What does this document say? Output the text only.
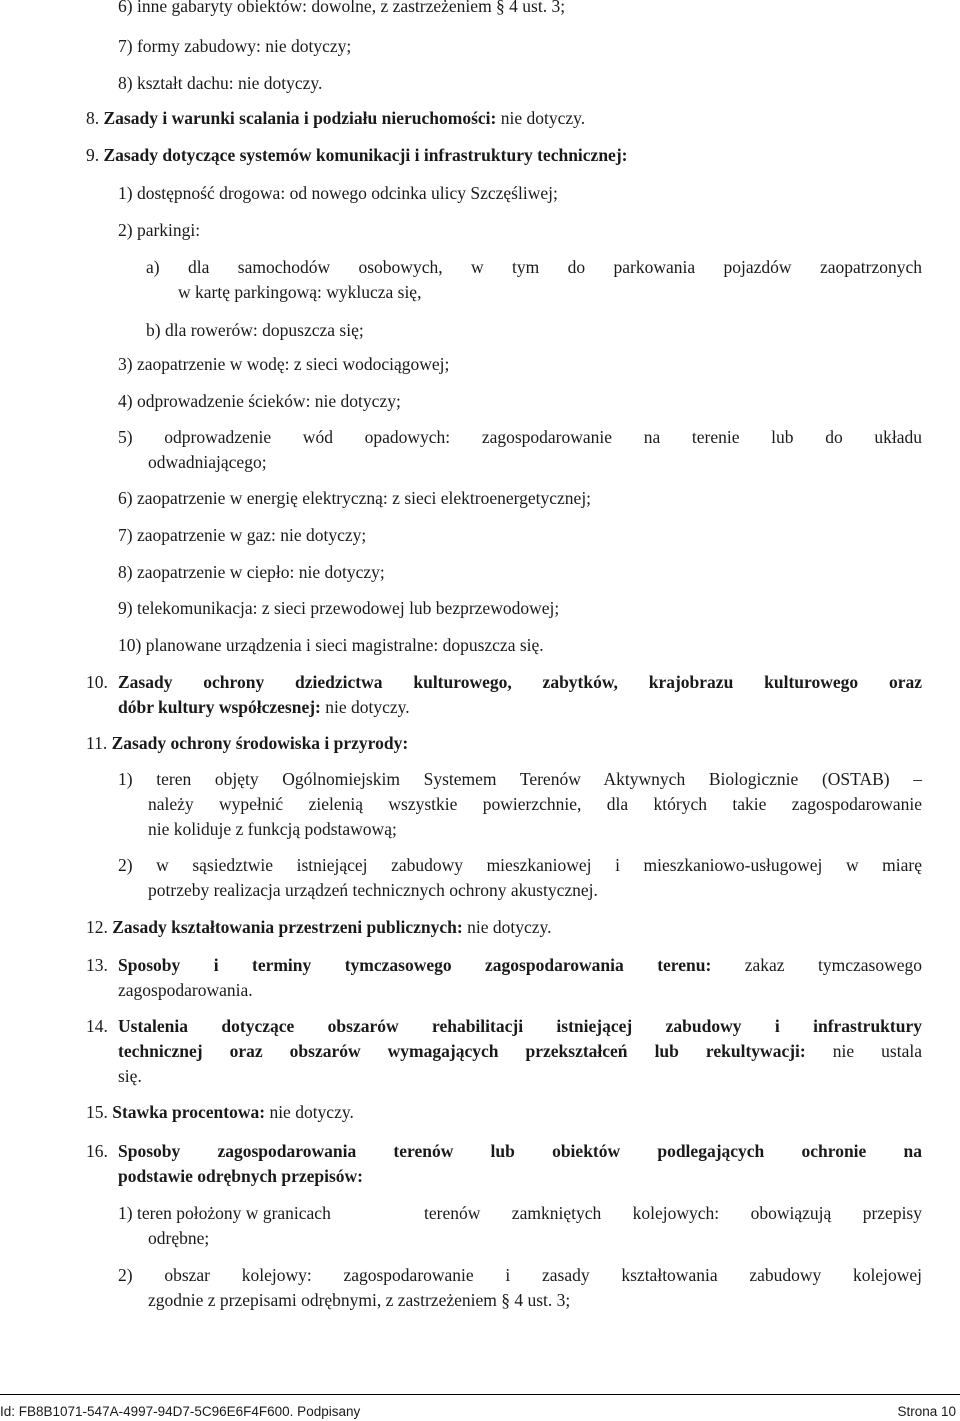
6) inne gabaryty obiektów: dowolne, z zastrzeżeniem § 4 ust. 3;
7) formy zabudowy: nie dotyczy;
8) kształt dachu: nie dotyczy.
8. Zasady i warunki scalania i podziału nieruchomości: nie dotyczy.
9. Zasady dotyczące systemów komunikacji i infrastruktury technicznej:
1) dostępność drogowa: od nowego odcinka ulicy Szczęśliwej;
2) parkingi:
a) dla samochodów osobowych, w tym do parkowania pojazdów zaopatrzonych
w kartę parkingową: wyklucza się,
b) dla rowerów: dopuszcza się;
3) zaopatrzenie w wodę: z sieci wodociągowej;
4) odprowadzenie ścieków: nie dotyczy;
5) odprowadzenie wód opadowych: zagospodarowanie na terenie lub do układu
odwadniającego;
6) zaopatrzenie w energię elektryczną: z sieci elektroenergetycznej;
7) zaopatrzenie w gaz: nie dotyczy;
8) zaopatrzenie w ciepło: nie dotyczy;
9) telekomunikacja: z sieci przewodowej lub bezprzewodowej;
10) planowane urządzenia i sieci magistralne: dopuszcza się.
10. Zasady ochrony dziedzictwa kulturowego, zabytków, krajobrazu kulturowego oraz
dóbr kultury współczesnej: nie dotyczy.
11. Zasady ochrony środowiska i przyrody:
1) teren objęty Ogólnomiejskim Systemem Terenów Aktywnych Biologicznie (OSTAB) –
należy wypełnić zielenią wszystkie powierzchnie, dla których takie zagospodarowanie
nie koliduje z funkcją podstawową;
2) w sąsiedztwie istniejącej zabudowy mieszkaniowej i mieszkaniowo-usługowej w miarę
potrzeby realizacja urządzeń technicznych ochrony akustycznej.
12. Zasady kształtowania przestrzeni publicznych: nie dotyczy.
13. Sposoby i terminy tymczasowego zagospodarowania terenu: zakaz tymczasowego
zagospodarowania.
14. Ustalenia dotyczące obszarów rehabilitacji istniejącej zabudowy i infrastruktury
technicznej oraz obszarów wymagających przekształceń lub rekultywacji: nie ustala
się.
15. Stawka procentowa: nie dotyczy.
16. Sposoby zagospodarowania terenów lub obiektów podlegających ochronie na
podstawie odrębnych przepisów:
1) teren położony w granicach	terenów zamkniętych kolejowych: obowiązują przepisy
odrębne;
2) obszar kolejowy: zagospodarowanie i zasady kształtowania zabudowy kolejowej
zgodnie z przepisami odrębnymi, z zastrzeżeniem § 4 ust. 3;
Id: FB8B1071-547A-4997-94D7-5C96E6F4F600. Podpisany	Strona 10
